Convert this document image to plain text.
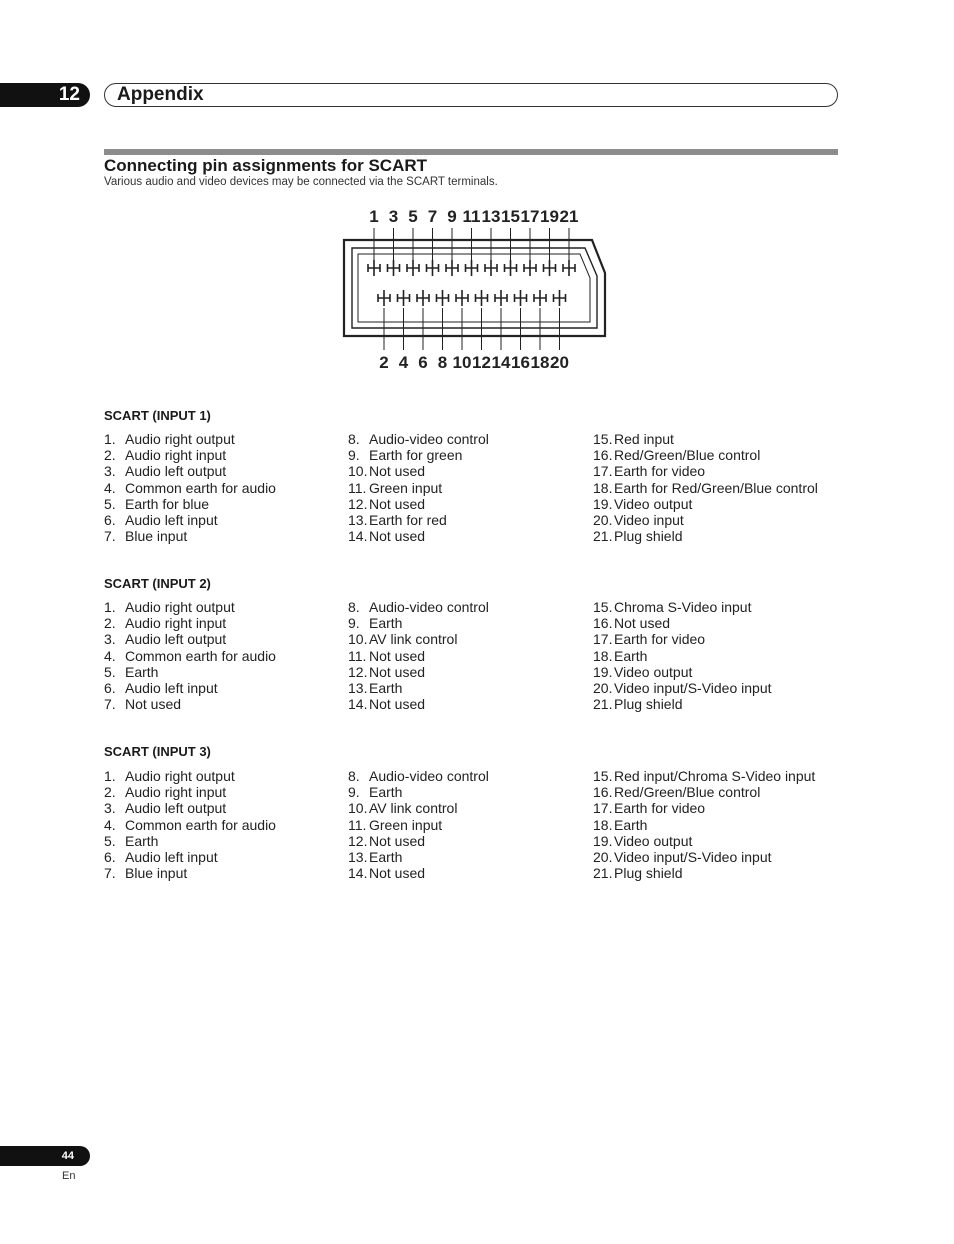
12	Appendix
Connecting pin assignments for SCART

Various audio and video devices may be connected via the SCART terminals.

1 3 5 7 9 11 13 15 17 19 21
2 4 6 8 10 12 14 16 18 20
SCART (INPUT 1)
1. Audio right output
2. Audio right input
3. Audio left output
4. Common earth for audio
5. Earth for blue
6. Audio left input
7. Blue input
8. Audio-video control
9. Earth for green
10. Not used
11. Green input
12. Not used
13. Earth for red
14. Not used
15. Red input
16. Red/Green/Blue control
17. Earth for video
18. Earth for Red/Green/Blue control
19. Video output
20. Video input
21. Plug shield
SCART (INPUT 2)
1. Audio right output
2. Audio right input
3. Audio left output
4. Common earth for audio
5. Earth
6. Audio left input
7. Not used
8. Audio-video control
9. Earth
10. AV link control
11. Not used
12. Not used
13. Earth
14. Not used
15. Chroma S-Video input
16. Not used
17. Earth for video
18. Earth
19. Video output
20. Video input/S-Video input
21. Plug shield
SCART (INPUT 3)
1. Audio right output
2. Audio right input
3. Audio left output
4. Common earth for audio
5. Earth
6. Audio left input
7. Blue input
8. Audio-video control
9. Earth
10. AV link control
11. Green input
12. Not used
13. Earth
14. Not used
15. Red input/Chroma S-Video input
16. Red/Green/Blue control
17. Earth for video
18. Earth
19. Video output
20. Video input/S-Video input
21. Plug shield
44
En
